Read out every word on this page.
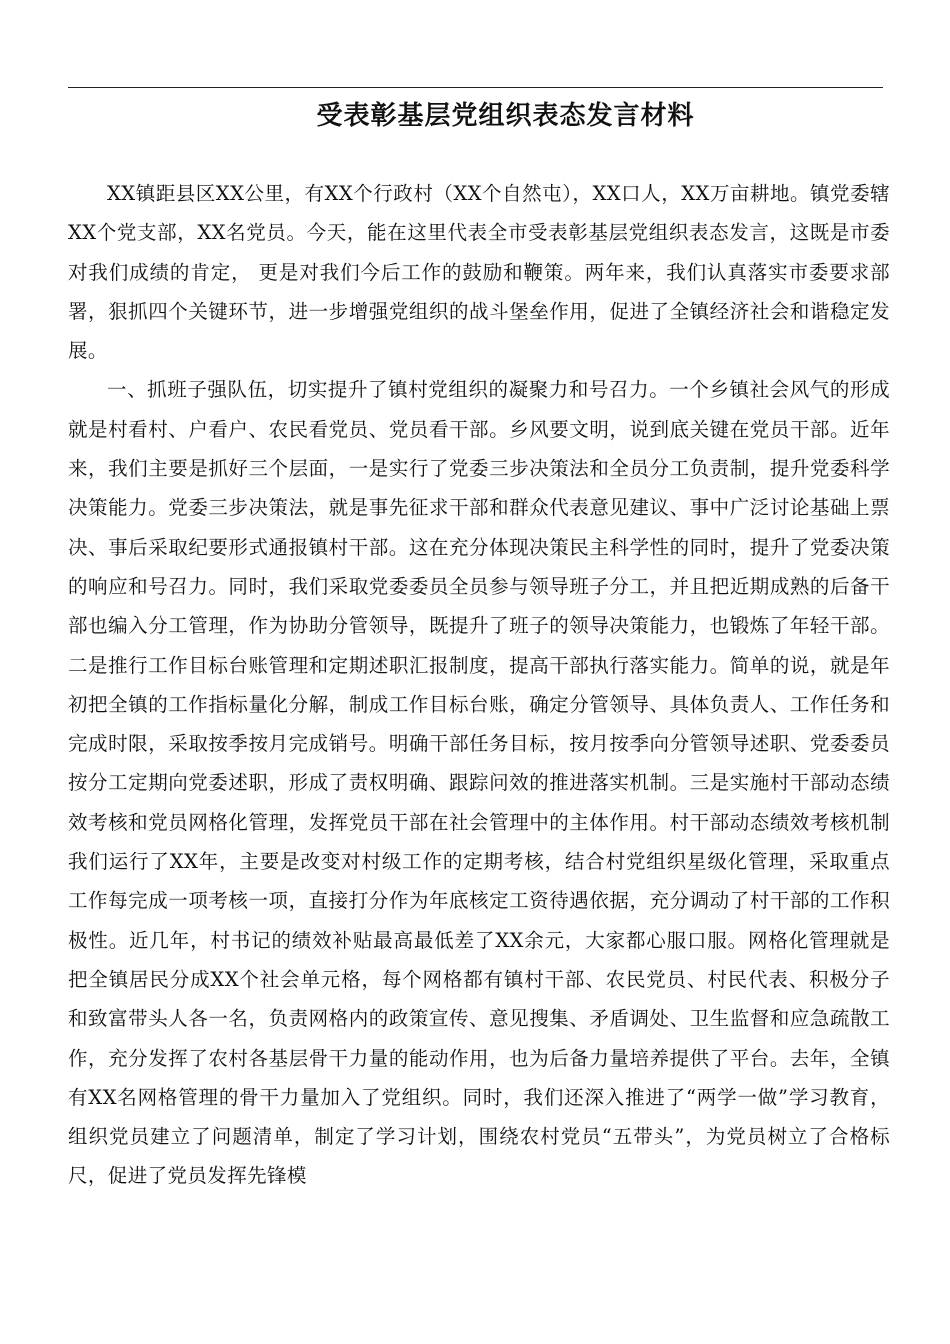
受表彰基层党组织表态发言材料

XX镇距县区XX公里，有XX个行政村（XX个自然屯），XX口人，XX万亩耕地。镇党委辖XX个党支部，XX名党员。今天，能在这里代表全市受表彰基层党组织表态发言，这既是市委对我们成绩的肯定， 更是对我们今后工作的鼓励和鞭策。两年来，我们认真落实市委要求部署，狠抓四个关键环节，进一步增强党组织的战斗堡垒作用，促进了全镇经济社会和谐稳定发展。

一、抓班子强队伍，切实提升了镇村党组织的凝聚力和号召力。一个乡镇社会风气的形成就是村看村、户看户、农民看党员、党员看干部。乡风要文明，说到底关键在党员干部。近年来，我们主要是抓好三个层面，一是实行了党委三步决策法和全员分工负责制，提升党委科学决策能力。党委三步决策法，就是事先征求干部和群众代表意见建议、事中广泛讨论基础上票决、事后采取纪要形式通报镇村干部。这在充分体现决策民主科学性的同时，提升了党委决策的响应和号召力。同时，我们采取党委委员全员参与领导班子分工，并且把近期成熟的后备干部也编入分工管理，作为协助分管领导，既提升了班子的领导决策能力，也锻炼了年轻干部。二是推行工作目标台账管理和定期述职汇报制度，提高干部执行落实能力。简单的说，就是年初把全镇的工作指标量化分解，制成工作目标台账，确定分管领导、具体负责人、工作任务和完成时限，采取按季按月完成销号。明确干部任务目标，按月按季向分管领导述职、党委委员按分工定期向党委述职，形成了责权明确、跟踪问效的推进落实机制。三是实施村干部动态绩效考核和党员网格化管理，发挥党员干部在社会管理中的主体作用。村干部动态绩效考核机制我们运行了XX年，主要是改变对村级工作的定期考核，结合村党组织星级化管理，采取重点工作每完成一项考核一项，直接打分作为年底核定工资待遇依据，充分调动了村干部的工作积极性。近几年，村书记的绩效补贴最高最低差了XX余元，大家都心服口服。网格化管理就是把全镇居民分成XX个社会单元格，每个网格都有镇村干部、农民党员、村民代表、积极分子和致富带头人各一名，负责网格内的政策宣传、意见搜集、矛盾调处、卫生监督和应急疏散工作，充分发挥了农村各基层骨干力量的能动作用，也为后备力量培养提供了平台。去年，全镇有XX名网格管理的骨干力量加入了党组织。同时，我们还深入推进了“两学一做”学习教育，组织党员建立了问题清单，制定了学习计划，围绕农村党员“五带头”，为党员树立了合格标尺，促进了党员发挥先锋模
